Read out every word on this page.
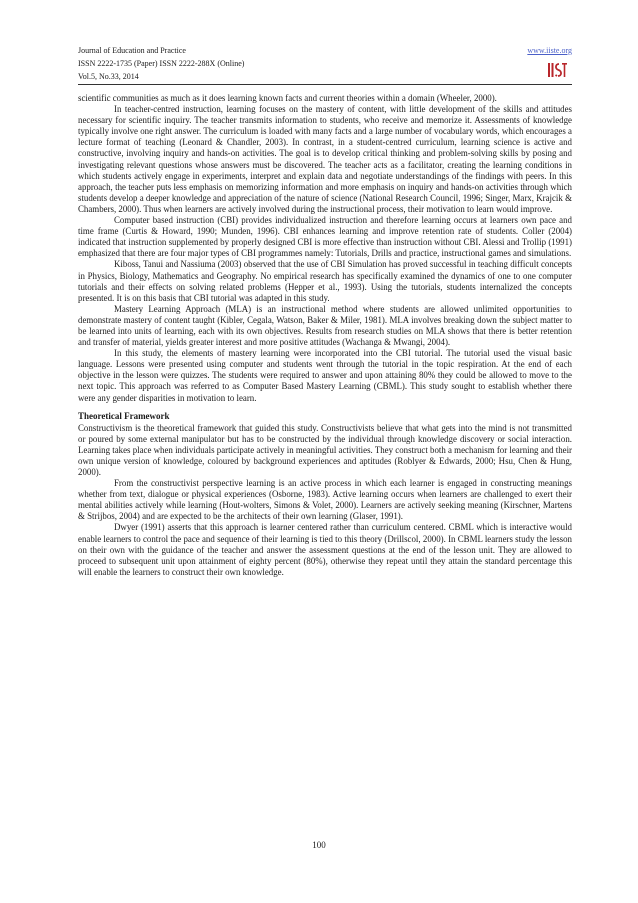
Journal of Education and Practice
ISSN 2222-1735 (Paper) ISSN 2222-288X (Online)
Vol.5, No.33, 2014
www.iiste.org

scientific communities as much as it does learning known facts and current theories within a domain (Wheeler, 2000).

In teacher-centred instruction, learning focuses on the mastery of content, with little development of the skills and attitudes necessary for scientific inquiry. The teacher transmits information to students, who receive and memorize it. Assessments of knowledge typically involve one right answer. The curriculum is loaded with many facts and a large number of vocabulary words, which encourages a lecture format of teaching (Leonard & Chandler, 2003). In contrast, in a student-centred curriculum, learning science is active and constructive, involving inquiry and hands-on activities. The goal is to develop critical thinking and problem-solving skills by posing and investigating relevant questions whose answers must be discovered. The teacher acts as a facilitator, creating the learning conditions in which students actively engage in experiments, interpret and explain data and negotiate understandings of the findings with peers. In this approach, the teacher puts less emphasis on memorizing information and more emphasis on inquiry and hands-on activities through which students develop a deeper knowledge and appreciation of the nature of science (National Research Council, 1996; Singer, Marx, Krajcik & Chambers, 2000). Thus when learners are actively involved during the instructional process, their motivation to learn would improve.

Computer based instruction (CBI) provides individualized instruction and therefore learning occurs at learners own pace and time frame (Curtis & Howard, 1990; Munden, 1996). CBI enhances learning and improve retention rate of students. Coller (2004) indicated that instruction supplemented by properly designed CBI is more effective than instruction without CBI. Alessi and Trollip (1991) emphasized that there are four major types of CBI programmes namely: Tutorials, Drills and practice, instructional games and simulations.

Kiboss, Tanui and Nassiuma (2003) observed that the use of CBI Simulation has proved successful in teaching difficult concepts in Physics, Biology, Mathematics and Geography. No empirical research has specifically examined the dynamics of one to one computer tutorials and their effects on solving related problems (Hepper et al., 1993). Using the tutorials, students internalized the concepts presented. It is on this basis that CBI tutorial was adapted in this study.

Mastery Learning Approach (MLA) is an instructional method where students are allowed unlimited opportunities to demonstrate mastery of content taught (Kibler, Cegala, Watson, Baker & Miler, 1981). MLA involves breaking down the subject matter to be learned into units of learning, each with its own objectives. Results from research studies on MLA shows that there is better retention and transfer of material, yields greater interest and more positive attitudes (Wachanga & Mwangi, 2004).

In this study, the elements of mastery learning were incorporated into the CBI tutorial. The tutorial used the visual basic language. Lessons were presented using computer and students went through the tutorial in the topic respiration. At the end of each objective in the lesson were quizzes. The students were required to answer and upon attaining 80% they could be allowed to move to the next topic. This approach was referred to as Computer Based Mastery Learning (CBML). This study sought to establish whether there were any gender disparities in motivation to learn.

Theoretical Framework

Constructivism is the theoretical framework that guided this study. Constructivists believe that what gets into the mind is not transmitted or poured by some external manipulator but has to be constructed by the individual through knowledge discovery or social interaction. Learning takes place when individuals participate actively in meaningful activities. They construct both a mechanism for learning and their own unique version of knowledge, coloured by background experiences and aptitudes (Roblyer & Edwards, 2000; Hsu, Chen & Hung, 2000).

From the constructivist perspective learning is an active process in which each learner is engaged in constructing meanings whether from text, dialogue or physical experiences (Osborne, 1983). Active learning occurs when learners are challenged to exert their mental abilities actively while learning (Hout-wolters, Simons & Volet, 2000). Learners are actively seeking meaning (Kirschner, Martens & Strijbos, 2004) and are expected to be the architects of their own learning (Glaser, 1991).

Dwyer (1991) asserts that this approach is learner centered rather than curriculum centered. CBML which is interactive would enable learners to control the pace and sequence of their learning is tied to this theory (Drillscol, 2000). In CBML learners study the lesson on their own with the guidance of the teacher and answer the assessment questions at the end of the lesson unit. They are allowed to proceed to subsequent unit upon attainment of eighty percent (80%), otherwise they repeat until they attain the standard percentage this will enable the learners to construct their own knowledge.

100
